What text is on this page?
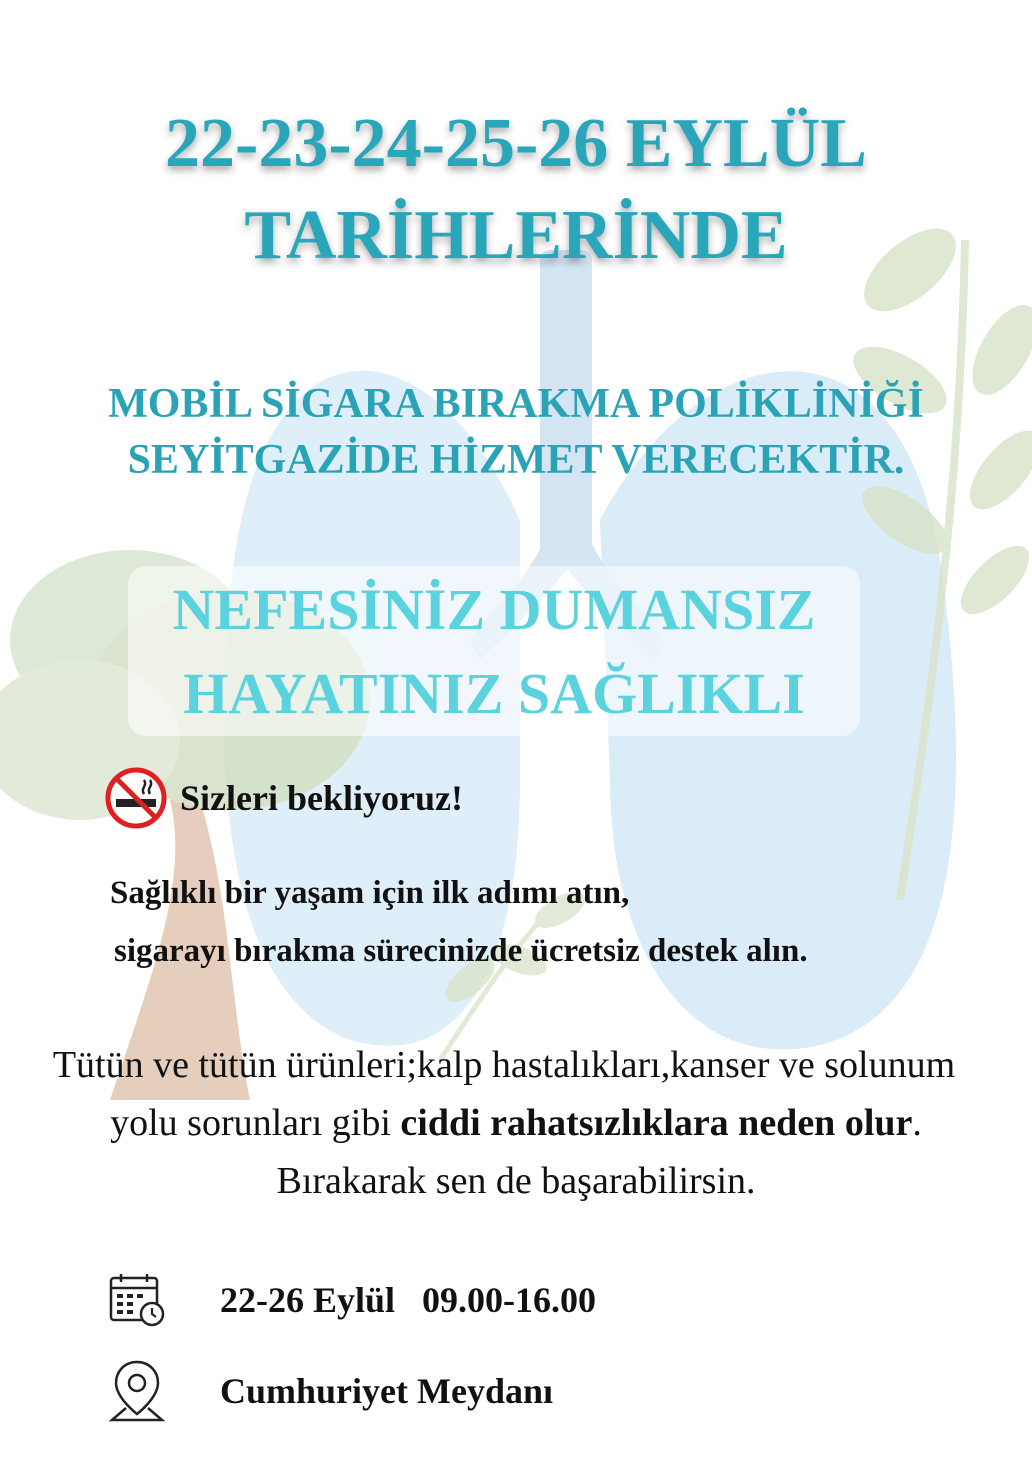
22-23-24-25-26 EYLÜL
TARİHLERİNDE
MOBİL SİGARA BIRAKMA POLİKLİNİĞİ
SEYİTGAZİDE HİZMET VERECEKTİR.
NEFESİNİZ DUMANSIZ
HAYATINIZ SAĞLIKLI
Sizleri bekliyoruz!
Sağlıklı bir yaşam için ilk adımı atın,
sigarayı bırakma sürecinizde ücretsiz destek alın.
Tütün ve tütün ürünleri;kalp hastalıkları,kanser ve solunum
yolu sorunları gibi ciddi rahatsızlıklara neden olur.
Bırakarak sen de başarabilirsin.
22-26 Eylül   09.00-16.00
Cumhuriyet Meydanı
